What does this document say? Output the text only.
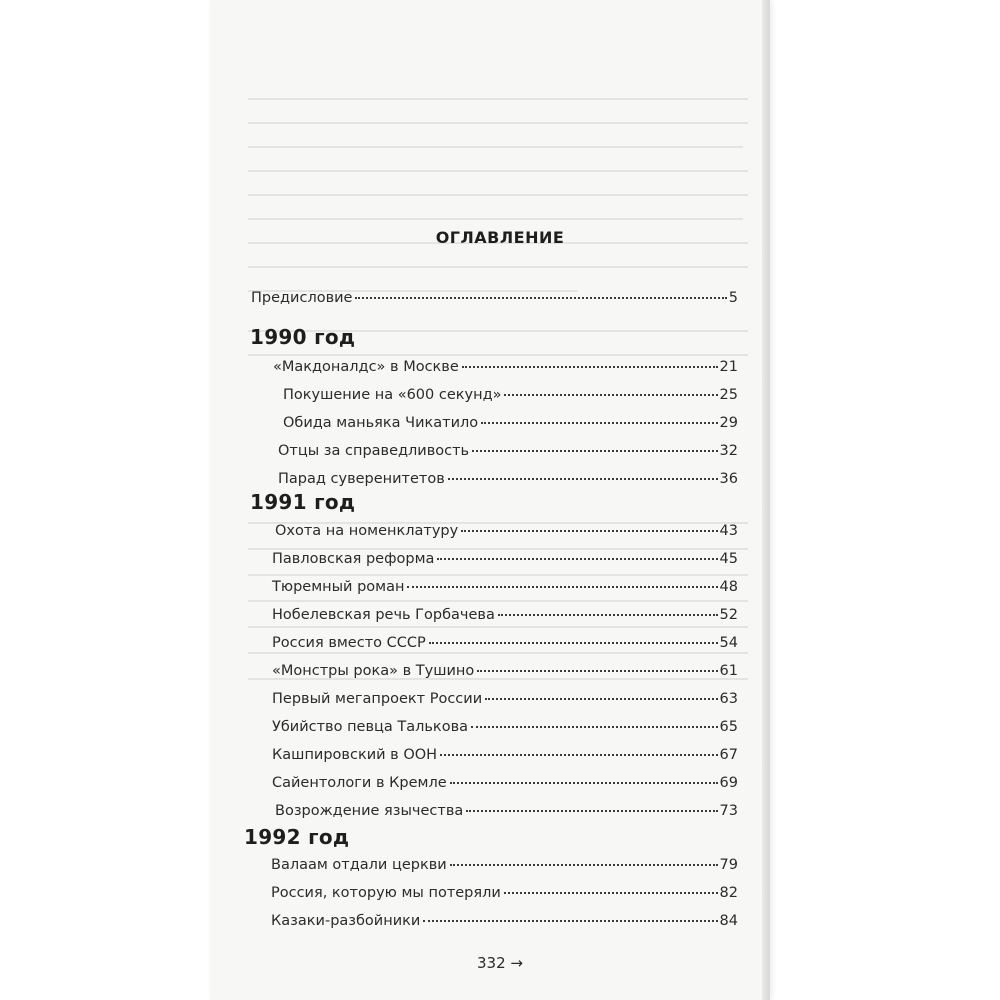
ОГЛАВЛЕНИЕ
Предисловие	5
1990 год
«Макдоналдс» в Москве	21
Покушение на «600 секунд»	25
Обида маньяка Чикатило	29
Отцы за справедливость	32
Парад суверенитетов	36
1991 год
Охота на номенклатуру	43
Павловская реформа	45
Тюремный роман	48
Нобелевская речь Горбачева	52
Россия вместо СССР	54
«Монстры рока» в Тушино	61
Первый мегапроект России	63
Убийство певца Талькова	65
Кашпировский в ООН	67
Сайентологи в Кремле	69
Возрождение язычества	73
1992 год
Валаам отдали церкви	79
Россия, которую мы потеряли	82
Казаки-разбойники	84
332 →
